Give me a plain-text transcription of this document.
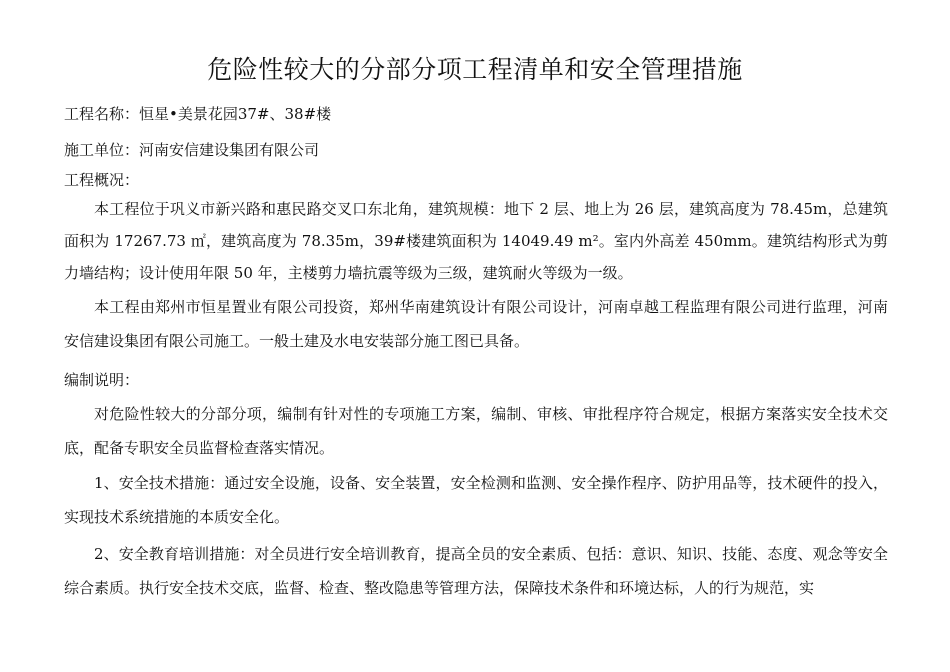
危险性较大的分部分项工程清单和安全管理措施
工程名称：恒星•美景花园37#、38#楼
施工单位：河南安信建设集团有限公司
工程概况：

本工程位于巩义市新兴路和惠民路交叉口东北角，建筑规模：地下 2 层、地上为 26 层，建筑高度为 78.45m，总建筑面积为 17267.73 ㎡，建筑高度为 78.35m，39#楼建筑面积为 14049.49 m²。室内外高差 450mm。建筑结构形式为剪力墙结构；设计使用年限 50 年，主楼剪力墙抗震等级为三级，建筑耐火等级为一级。

本工程由郑州市恒星置业有限公司投资，郑州华南建筑设计有限公司设计，河南卓越工程监理有限公司进行监理，河南安信建设集团有限公司施工。一般土建及水电安装部分施工图已具备。

编制说明：

对危险性较大的分部分项，编制有针对性的专项施工方案，编制、审核、审批程序符合规定，根据方案落实安全技术交底，配备专职安全员监督检查落实情况。

1、安全技术措施：通过安全设施，设备、安全装置，安全检测和监测、安全操作程序、防护用品等，技术硬件的投入，实现技术系统措施的本质安全化。

2、安全教育培训措施：对全员进行安全培训教育，提高全员的安全素质、包括：意识、知识、技能、态度、观念等安全综合素质。执行安全技术交底，监督、检查、整改隐患等管理方法，保障技术条件和环境达标，人的行为规范，实
